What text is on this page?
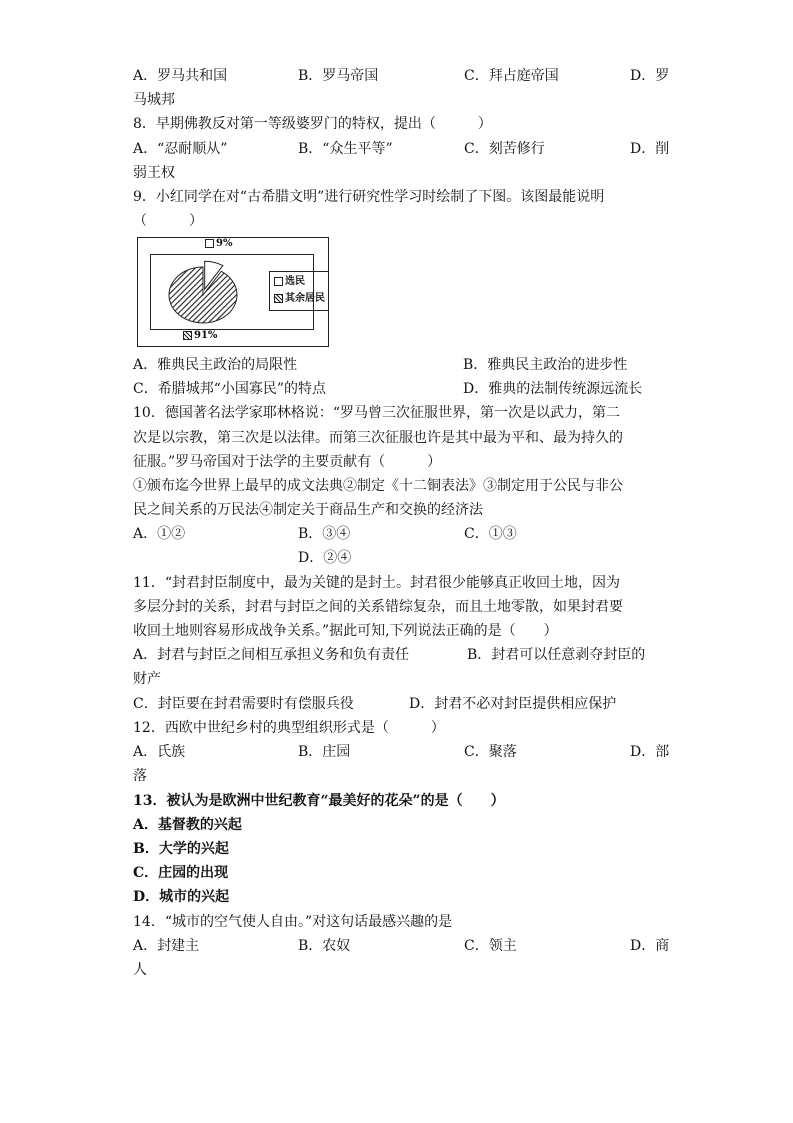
A．罗马共和国	B．罗马帝国	C．拜占庭帝国	D．罗
马城邦
8．早期佛教反对第一等级婆罗门的特权，提出（　　　）
A．“忍耐顺从”	B．“众生平等”	C．刻苦修行	D．削
弱王权
9．小红同学在对“古希腊文明”进行研究性学习时绘制了下图。该图最能说明
（　　　）
选民
其余居民
9%
91%
A．雅典民主政治的局限性	B．雅典民主政治的进步性
C．希腊城邦“小国寡民”的特点	D．雅典的法制传统源远流长
10．德国著名法学家耶林格说：“罗马曾三次征服世界，第一次是以武力，第二
次是以宗教，第三次是以法律。而第三次征服也许是其中最为平和、最为持久的
征服。”罗马帝国对于法学的主要贡献有（　　　）
①颁布迄今世界上最早的成文法典②制定《十二铜表法》③制定用于公民与非公
民之间关系的万民法④制定关于商品生产和交换的经济法
A．①②	B．③④	C．①③
D．②④
11．“封君封臣制度中，最为关键的是封土。封君很少能够真正收回土地，因为
多层分封的关系，封君与封臣之间的关系错综复杂，而且土地零散，如果封君要
收回土地则容易形成战争关系。”据此可知,下列说法正确的是（　　）
A．封君与封臣之间相互承担义务和负有责任	B．封君可以任意剥夺封臣的
财产
C．封臣要在封君需要时有偿服兵役	D．封君不必对封臣提供相应保护
12．西欧中世纪乡村的典型组织形式是（　　　）
A．氏族	B．庄园	C．聚落	D．部
落
13．被认为是欧洲中世纪教育“最美好的花朵”的是（　　）
A．基督教的兴起
B．大学的兴起
C．庄园的出现
D．城市的兴起
14．“城市的空气使人自由。”对这句话最感兴趣的是
A．封建主	B．农奴	C．领主	D．商
人
